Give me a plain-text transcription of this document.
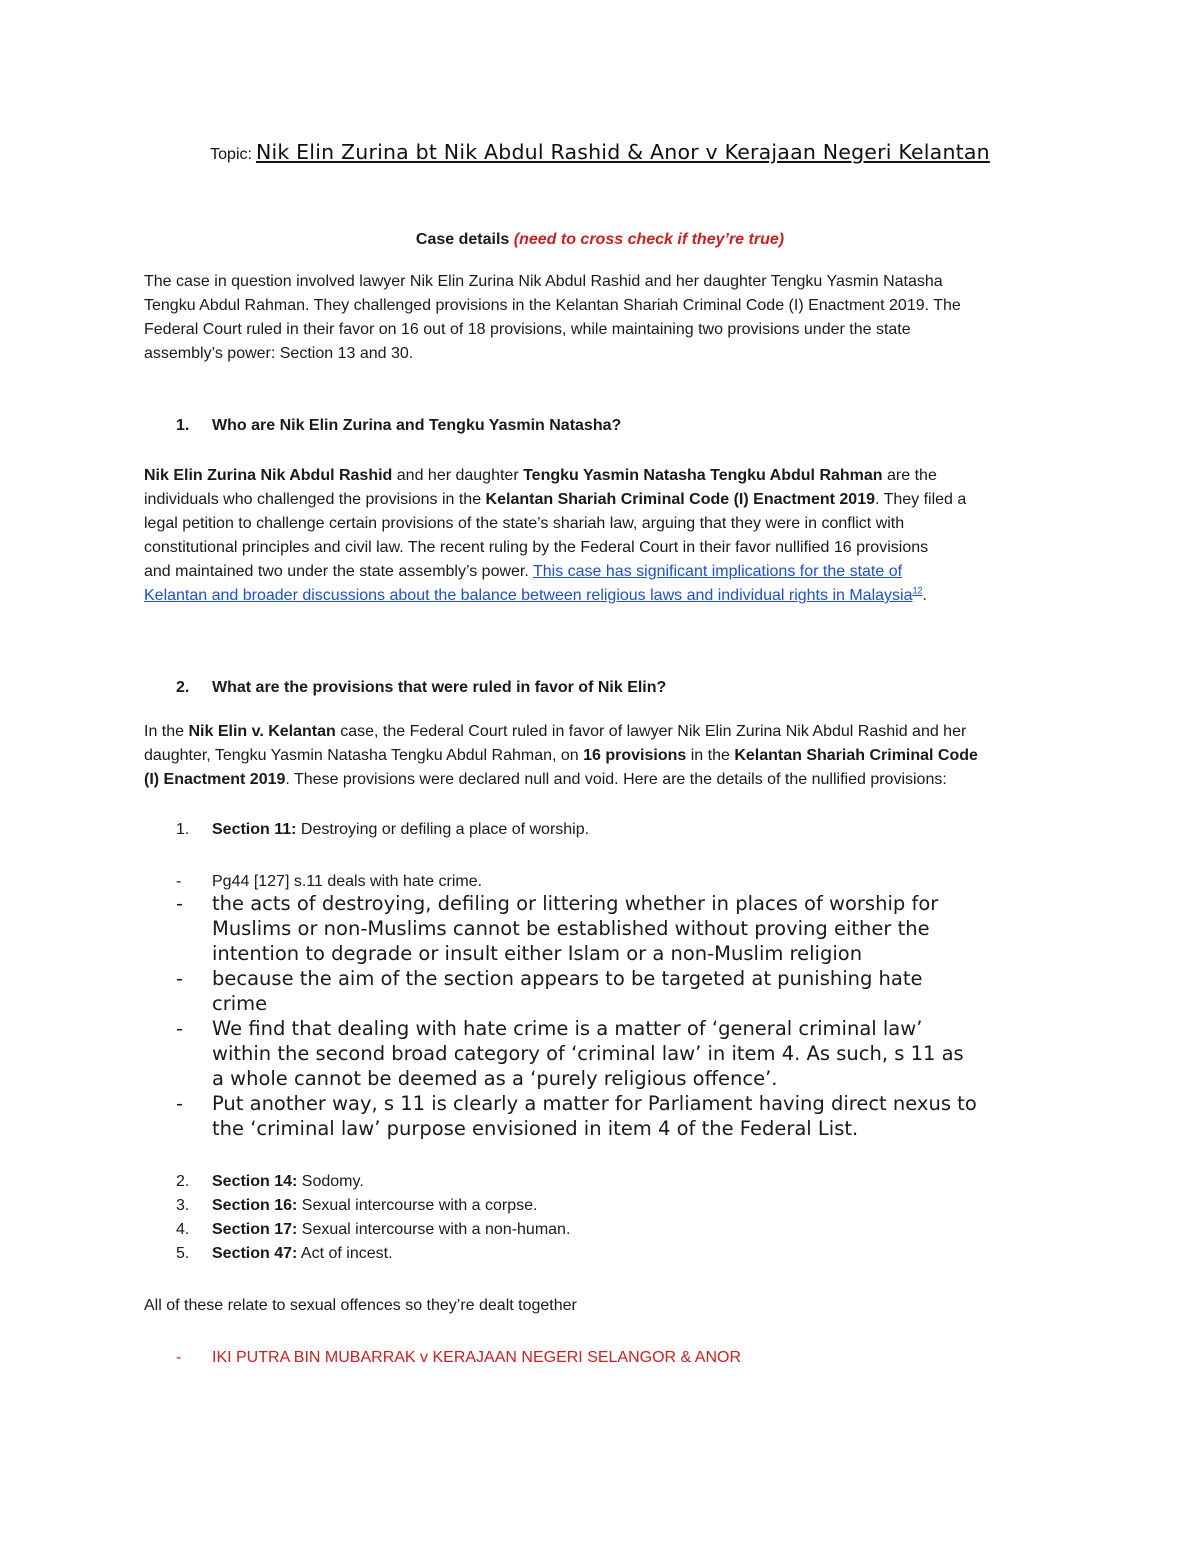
Topic: Nik Elin Zurina bt Nik Abdul Rashid & Anor v Kerajaan Negeri Kelantan
Case details (need to cross check if they’re true)
The case in question involved lawyer Nik Elin Zurina Nik Abdul Rashid and her daughter Tengku Yasmin Natasha
Tengku Abdul Rahman. They challenged provisions in the Kelantan Shariah Criminal Code (I) Enactment 2019. The
Federal Court ruled in their favor on 16 out of 18 provisions, while maintaining two provisions under the state
assembly’s power: Section 13 and 30.
1.	Who are Nik Elin Zurina and Tengku Yasmin Natasha?
Nik Elin Zurina Nik Abdul Rashid and her daughter Tengku Yasmin Natasha Tengku Abdul Rahman are the
individuals who challenged the provisions in the Kelantan Shariah Criminal Code (I) Enactment 2019. They filed a
legal petition to challenge certain provisions of the state’s shariah law, arguing that they were in conflict with
constitutional principles and civil law. The recent ruling by the Federal Court in their favor nullified 16 provisions
and maintained two under the state assembly’s power. This case has significant implications for the state of
Kelantan and broader discussions about the balance between religious laws and individual rights in Malaysia$^{12}$.
2.	What are the provisions that were ruled in favor of Nik Elin?
In the Nik Elin v. Kelantan case, the Federal Court ruled in favor of lawyer Nik Elin Zurina Nik Abdul Rashid and her
daughter, Tengku Yasmin Natasha Tengku Abdul Rahman, on 16 provisions in the Kelantan Shariah Criminal Code
(I) Enactment 2019. These provisions were declared null and void. Here are the details of the nullified provisions:
1.	Section 11: Destroying or defiling a place of worship.
-	Pg44 [127] s.11 deals with hate crime.
-	the acts of destroying, defiling or littering whether in places of worship for
Muslims or non-Muslims cannot be established without proving either the
intention to degrade or insult either Islam or a non-Muslim religion
-	because the aim of the section appears to be targeted at punishing hate
crime
-	We find that dealing with hate crime is a matter of ‘general criminal law’
within the second broad category of ‘criminal law’ in item 4. As such, s 11 as
a whole cannot be deemed as a ‘purely religious offence’.
-	Put another way, s 11 is clearly a matter for Parliament having direct nexus to
the ‘criminal law’ purpose envisioned in item 4 of the Federal List.
2.	Section 14: Sodomy.
3.	Section 16: Sexual intercourse with a corpse.
4.	Section 17: Sexual intercourse with a non-human.
5.	Section 47: Act of incest.
All of these relate to sexual offences so they’re dealt together
-	IKI PUTRA BIN MUBARRAK v KERAJAAN NEGERI SELANGOR & ANOR
